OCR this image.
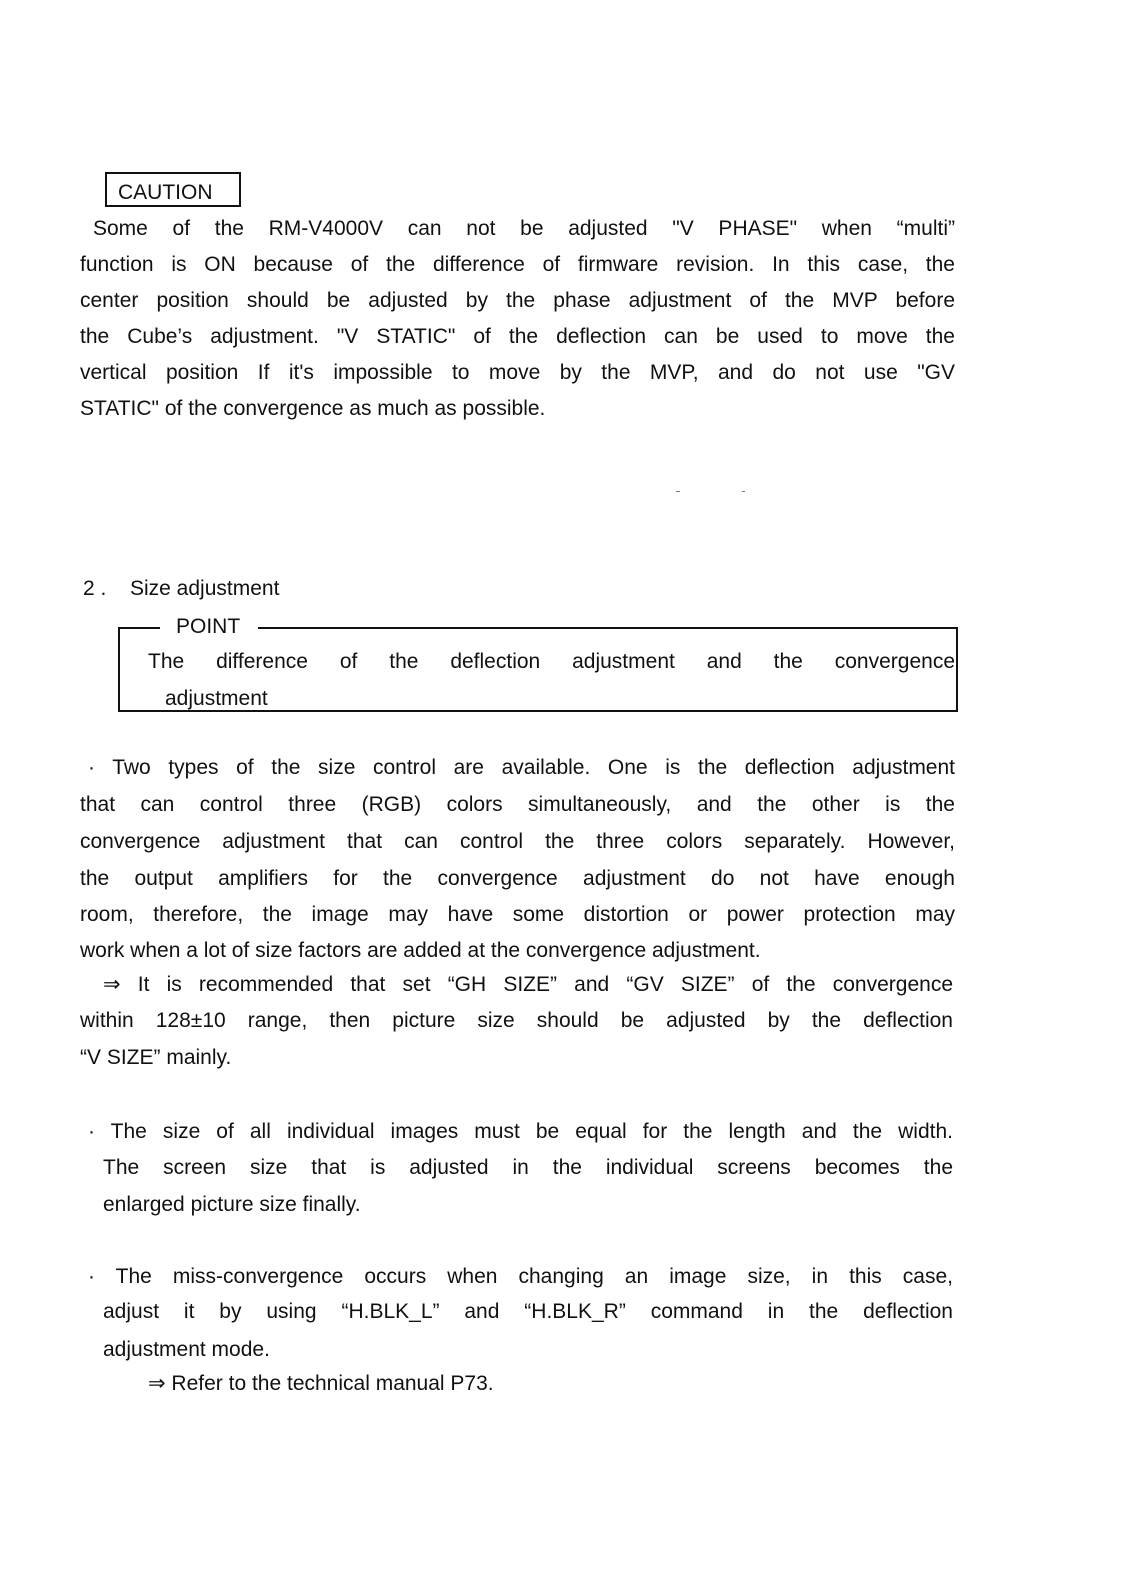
CAUTION
POINT
Some of the RM-V4000V can not be adjusted "V PHASE" when “multi”
function is ON because of the difference of firmware revision. In this case, the
center position should be adjusted by the phase adjustment of the MVP before
the Cube’s adjustment. "V STATIC" of the deflection can be used to move the
vertical position If it's impossible to move by the MVP, and do not use "GV
STATIC" of the convergence as much as possible.
2 . Size adjustment
The difference of the deflection adjustment and the convergence
adjustment
· Two types of the size control are available. One is the deflection adjustment
that can control three (RGB) colors simultaneously, and the other is the
convergence adjustment that can control the three colors separately. However,
the output amplifiers for the convergence adjustment do not have enough
room, therefore, the image may have some distortion or power protection may
work when a lot of size factors are added at the convergence adjustment.
⇒ It is recommended that set “GH SIZE” and “GV SIZE” of the convergence
within 128±10 range, then picture size should be adjusted by the deflection
“V SIZE” mainly.
· The size of all individual images must be equal for the length and the width.
The screen size that is adjusted in the individual screens becomes the
enlarged picture size finally.
· The miss-convergence occurs when changing an image size, in this case,
adjust it by using “H.BLK_L” and “H.BLK_R” command in the deflection
adjustment mode.
⇒ Refer to the technical manual P73.
